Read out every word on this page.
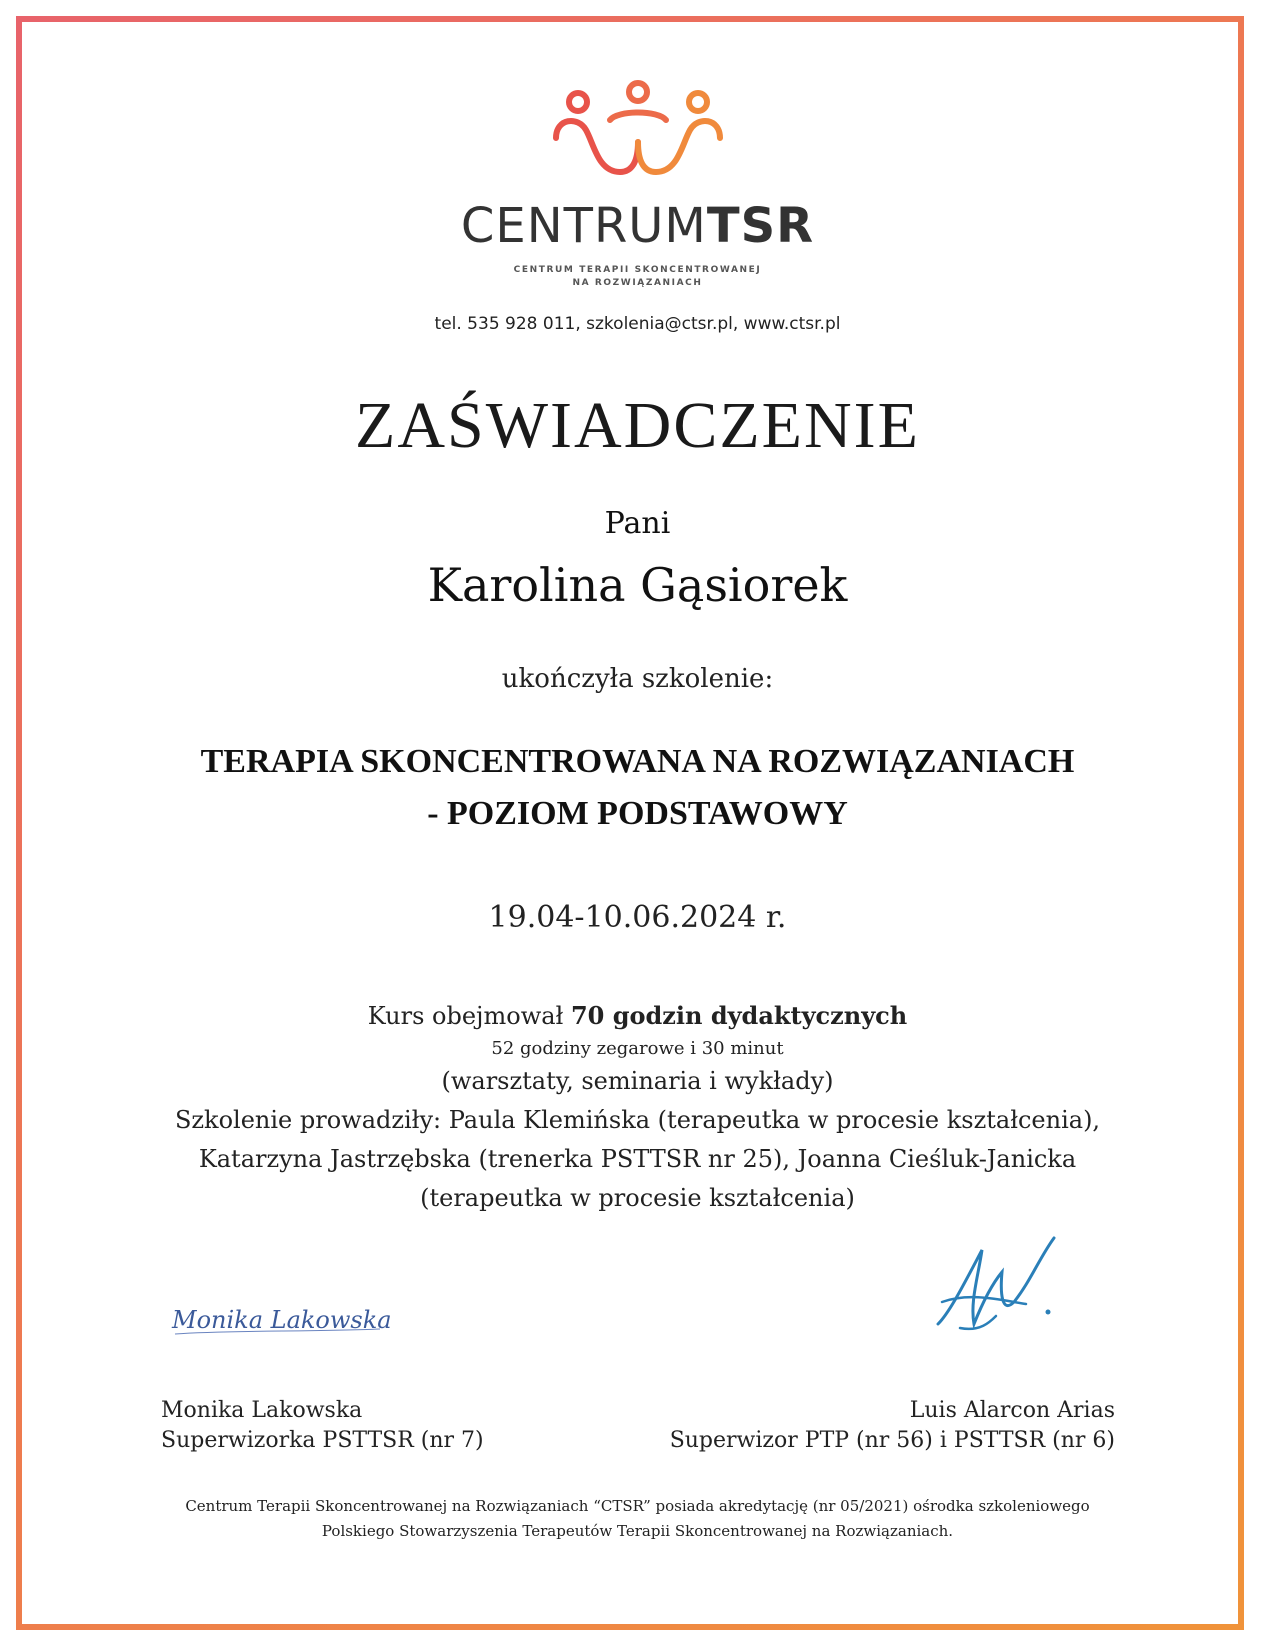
CENTRUMTSR
CENTRUM TERAPII SKONCENTROWANEJ
NA ROZWIĄZANIACH
tel. 535 928 011, szkolenia@ctsr.pl, www.ctsr.pl
ZAŚWIADCZENIE
Pani
Karolina Gąsiorek
ukończyła szkolenie:
TERAPIA SKONCENTROWANA NA ROZWIĄZANIACH
- POZIOM PODSTAWOWY
19.04-10.06.2024 r.
Kurs obejmował 70 godzin dydaktycznych
52 godziny zegarowe i 30 minut
(warsztaty, seminaria i wykłady)
Szkolenie prowadziły: Paula Klemińska (terapeutka w procesie kształcenia),
Katarzyna Jastrzębska (trenerka PSTTSR nr 25), Joanna Cieśluk-Janicka
(terapeutka w procesie kształcenia)
Monika Lakowska
Monika Lakowska
Superwizorka PSTTSR (nr 7)
Luis Alarcon Arias
Superwizor PTP (nr 56) i PSTTSR (nr 6)
Centrum Terapii Skoncentrowanej na Rozwiązaniach “CTSR” posiada akredytację (nr 05/2021) ośrodka szkoleniowego
Polskiego Stowarzyszenia Terapeutów Terapii Skoncentrowanej na Rozwiązaniach.
